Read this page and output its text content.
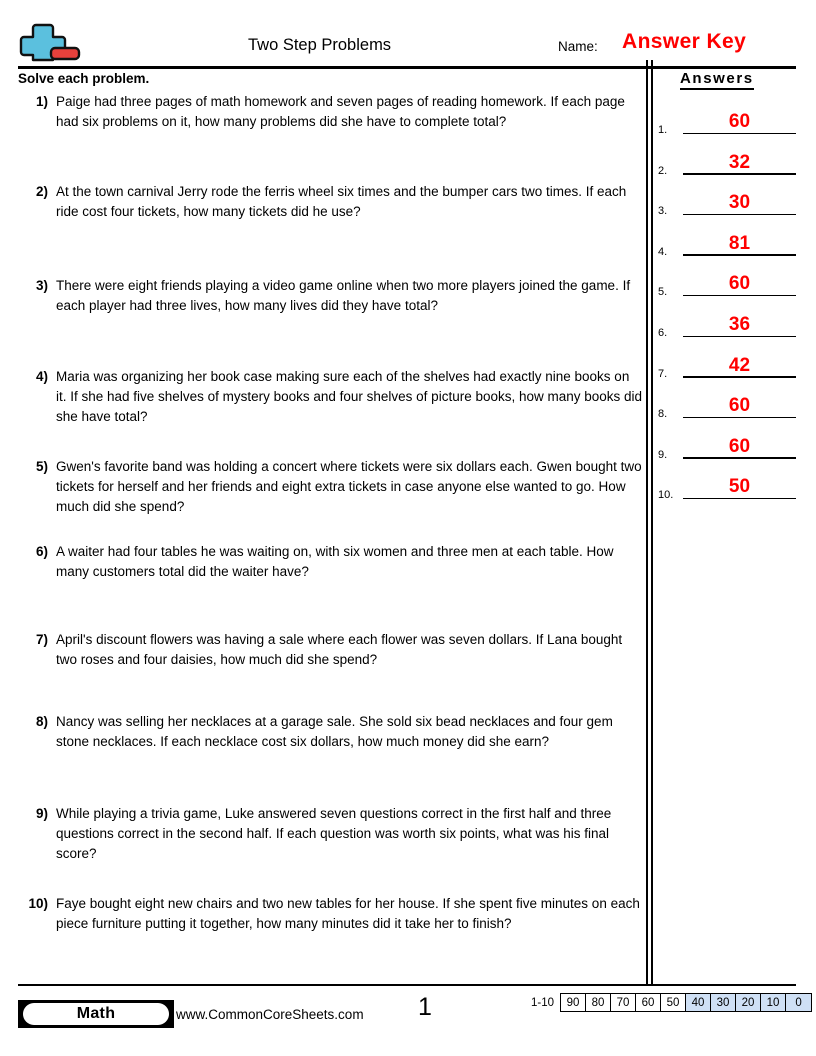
Two Step Problems	Name: Answer Key
Solve each problem.
1) Paige had three pages of math homework and seven pages of reading homework. If each page had six problems on it, how many problems did she have to complete total?
2) At the town carnival Jerry rode the ferris wheel six times and the bumper cars two times. If each ride cost four tickets, how many tickets did he use?
3) There were eight friends playing a video game online when two more players joined the game. If each player had three lives, how many lives did they have total?
4) Maria was organizing her book case making sure each of the shelves had exactly nine books on it. If she had five shelves of mystery books and four shelves of picture books, how many books did she have total?
5) Gwen's favorite band was holding a concert where tickets were six dollars each. Gwen bought two tickets for herself and her friends and eight extra tickets in case anyone else wanted to go. How much did she spend?
6) A waiter had four tables he was waiting on, with six women and three men at each table. How many customers total did the waiter have?
7) April's discount flowers was having a sale where each flower was seven dollars. If Lana bought two roses and four daisies, how much did she spend?
8) Nancy was selling her necklaces at a garage sale. She sold six bead necklaces and four gem stone necklaces. If each necklace cost six dollars, how much money did she earn?
9) While playing a trivia game, Luke answered seven questions correct in the first half and three questions correct in the second half. If each question was worth six points, what was his final score?
10) Faye bought eight new chairs and two new tables for her house. If she spent five minutes on each piece furniture putting it together, how many minutes did it take her to finish?
Answers
1.	60
2.	32
3.	30
4.	81
5.	60
6.	36
7.	42
8.	60
9.	60
10.	50
Math	www.CommonCoreSheets.com 1	1-10	90	80	70	60	50	40	30	20	10	0
